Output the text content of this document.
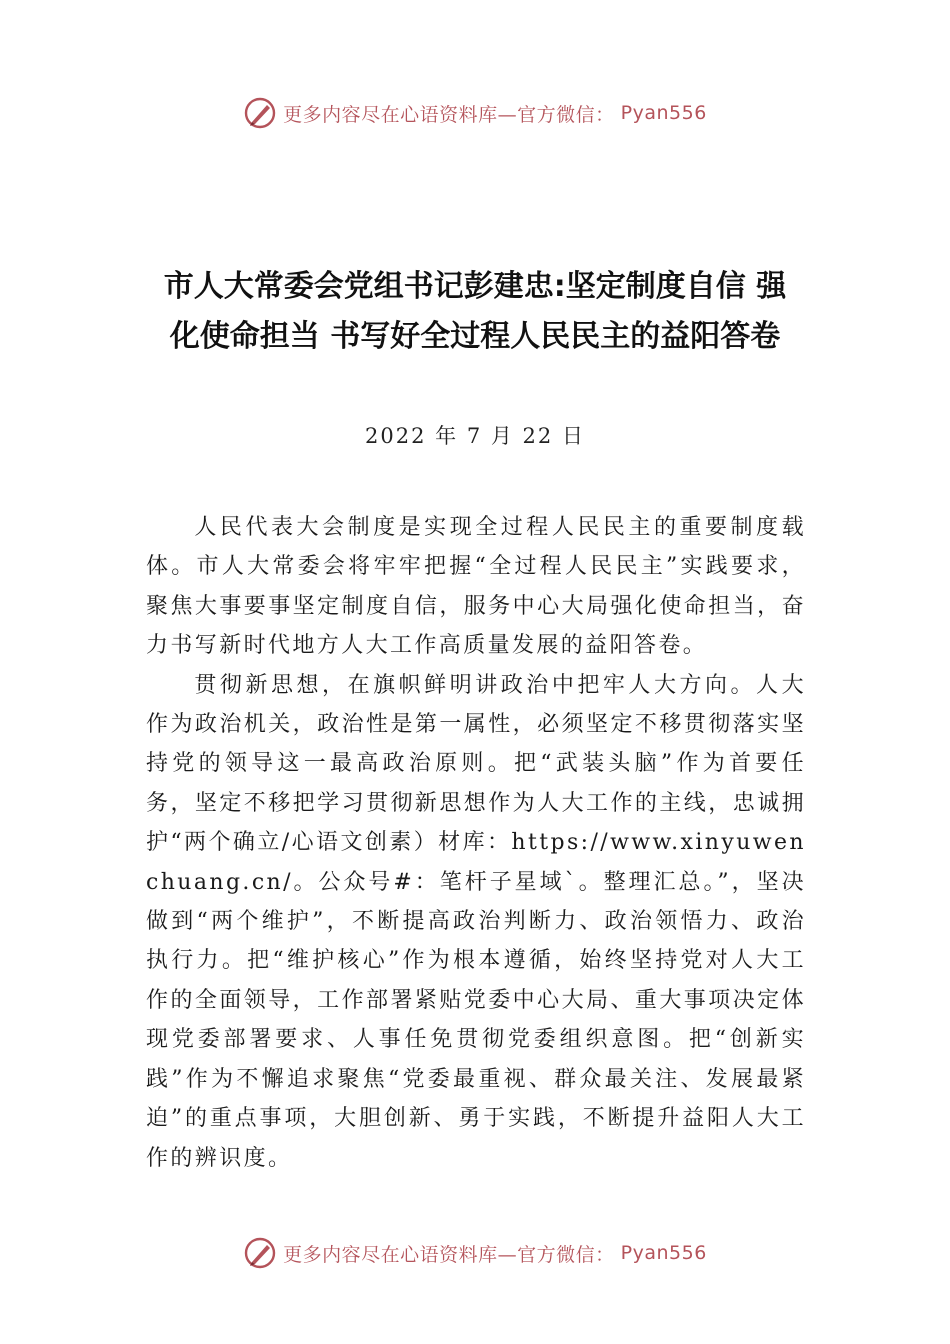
更多内容尽在心语资料库—官方微信： Pyan556
市人大常委会党组书记彭建忠:坚定制度自信 强化使命担当 书写好全过程人民民主的益阳答卷
2022 年 7 月 22 日

人民代表大会制度是实现全过程人民民主的重要制度载体。市人大常委会将牢牢把握“全过程人民民主”实践要求，聚焦大事要事坚定制度自信，服务中心大局强化使命担当，奋力书写新时代地方人大工作高质量发展的益阳答卷。

贯彻新思想，在旗帜鲜明讲政治中把牢人大方向。人大 作为政治机关，政治性是第一属性，必须坚定不移贯彻落实坚持党的领导这一最高政治原则。把“武装头脑”作为首要任务，坚定不移把学习贯彻新思想作为人大工作的主线，忠诚拥护“两个确立/心语文创素）材库：https://www.xinyuwenchuang.cn/。公众号#：笔杆子星域`。整理汇总。”，坚决做到“两个维护”，不断提高政治判断力、政治领悟力、政治执行力。把“维护核心”作为根本遵循，始终坚持党对人大工作的全面领导，工作部署紧贴党委中心大局、重大事项决定体现党委部署要求、人事任免贯彻党委组织意图。把“创新实践”作为不懈追求聚焦“党委最重视、群众最关注、发展最紧迫”的重点事项，大胆创新、勇于实践，不断提升益阳人大工作的辨识度。

更多内容尽在心语资料库—官方微信： Pyan556
